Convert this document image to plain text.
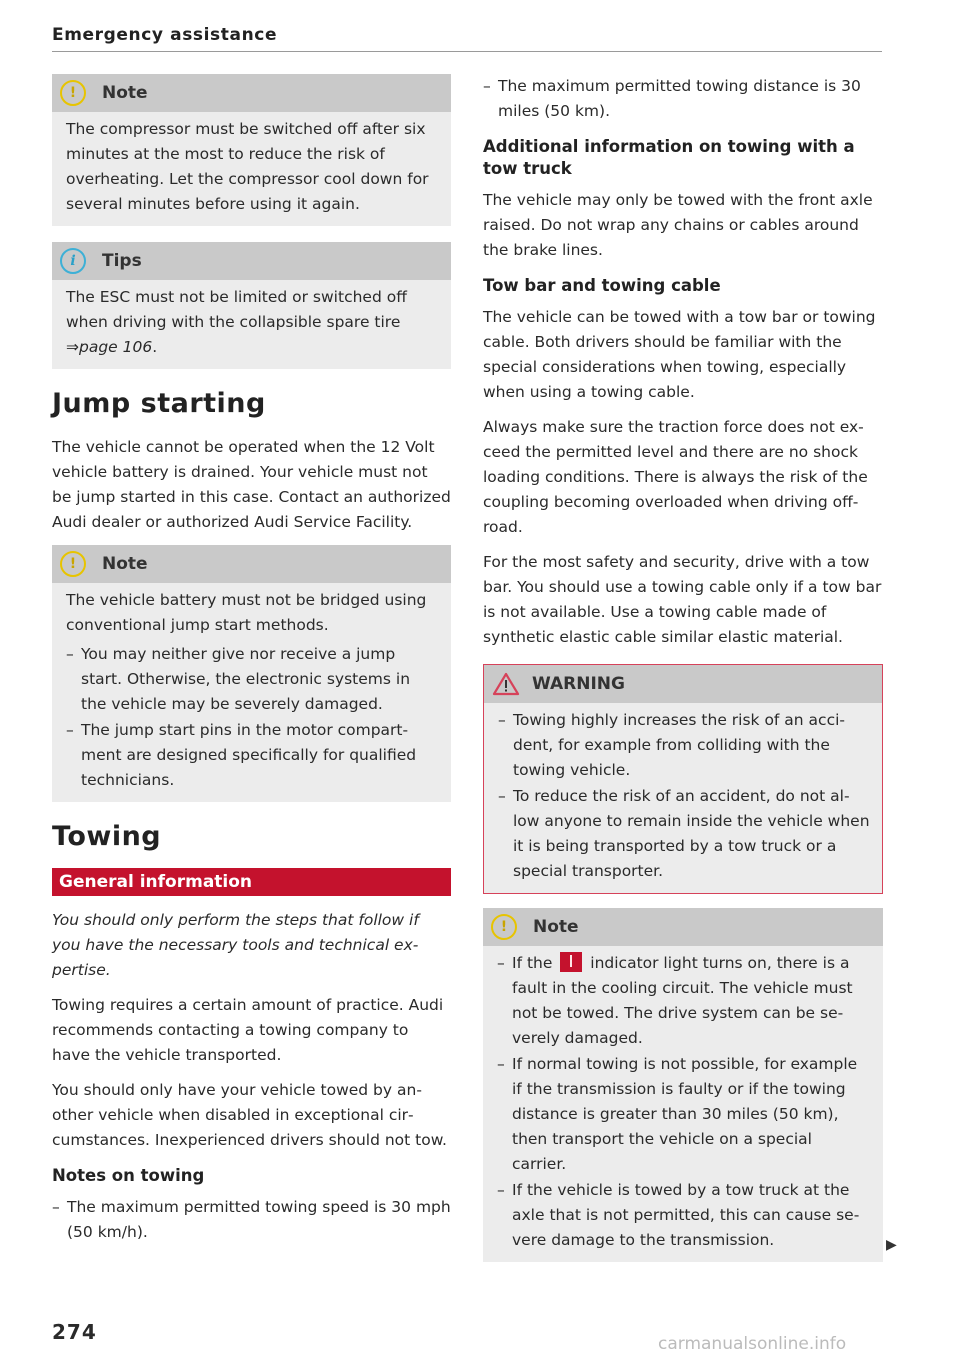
Emergency assistance
!	Note

The compressor must be switched off after six minutes at the most to reduce the risk of overheating. Let the compressor cool down for several minutes before using it again.

i	Tips

The ESC must not be limited or switched off when driving with the collapsible spare tire ⇒page 106.

Jump starting

The vehicle cannot be operated when the 12 Volt vehicle battery is drained. Your vehicle must not be jump started in this case. Contact an authorized Audi dealer or authorized Audi Service Facility.

!	Note

The vehicle battery must not be bridged using conventional jump start methods.

– You may neither give nor receive a jump start. Otherwise, the electronic systems in the vehicle may be severely damaged.
– The jump start pins in the motor compartment are designed specifically for qualified technicians.
Towing
General information

You should only perform the steps that follow if you have the necessary tools and technical expertise.

Towing requires a certain amount of practice. Audi recommends contacting a towing company to have the vehicle transported.

You should only have your vehicle towed by another vehicle when disabled in exceptional circumstances. Inexperienced drivers should not tow.

Notes on towing
– The maximum permitted towing speed is 30 mph (50 km/h).
– The maximum permitted towing distance is 30 miles (50 km).
Additional information on towing with a tow truck

The vehicle may only be towed with the front axle raised. Do not wrap any chains or cables around the brake lines.

Tow bar and towing cable

The vehicle can be towed with a tow bar or towing cable. Both drivers should be familiar with the special considerations when towing, especially when using a towing cable.

Always make sure the traction force does not exceed the permitted level and there are no shock loading conditions. There is always the risk of the coupling becoming overloaded when driving off-road.

For the most safety and security, drive with a tow bar. You should use a towing cable only if a tow bar is not available. Use a towing cable made of synthetic elastic cable similar elastic material.

WARNING
– Towing highly increases the risk of an accident, for example from colliding with the towing vehicle.
– To reduce the risk of an accident, do not allow anyone to remain inside the vehicle when it is being transported by a tow truck or a special transporter.
!	Note
– If the indicator light turns on, there is a fault in the cooling circuit. The vehicle must not be towed. The drive system can be severely damaged.
– If normal towing is not possible, for example if the transmission is faulty or if the towing distance is greater than 30 miles (50 km), then transport the vehicle on a special carrier.
– If the vehicle is towed by a tow truck at the axle that is not permitted, this can cause severe damage to the transmission.	▶
274	carmanualsonline.info
